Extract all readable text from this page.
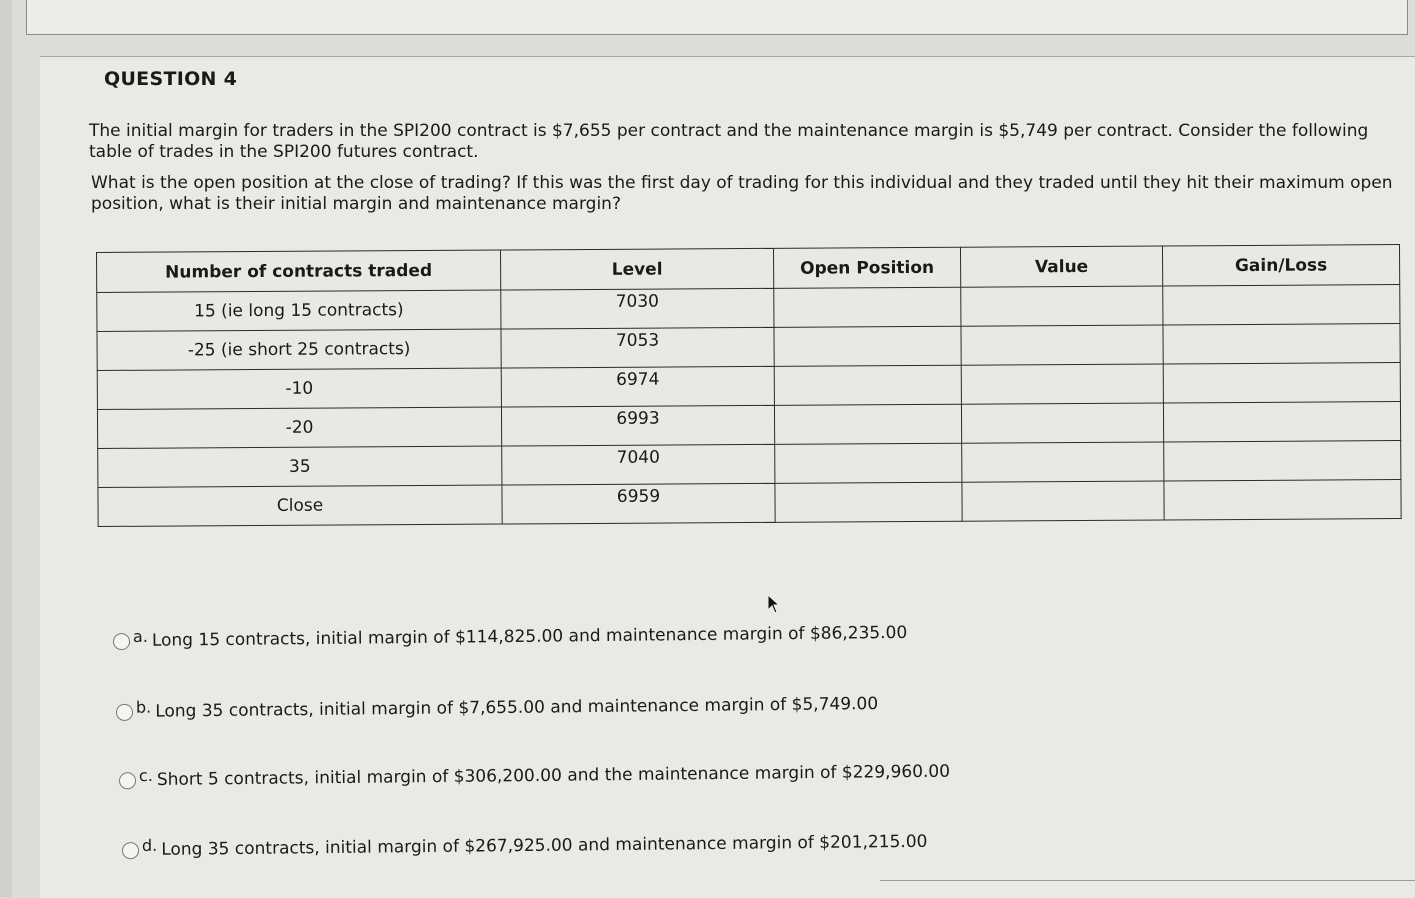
QUESTION 4
The initial margin for traders in the SPI200 contract is $7,655 per contract and the maintenance margin is $5,749 per contract. Consider the following table of trades in the SPI200 futures contract.
What is the open position at the close of trading? If this was the first day of trading for this individual and they traded until they hit their maximum open position, what is their initial margin and maintenance margin?
Number of contracts traded	Level	Open Position	Value	Gain/Loss
15 (ie long 15 contracts)	7030			
-25 (ie short 25 contracts)	7053			
-10	6974			
-20	6993			
35	7040			
Close	6959			
a. Long 15 contracts, initial margin of $114,825.00 and maintenance margin of $86,235.00
b. Long 35 contracts, initial margin of $7,655.00 and maintenance margin of $5,749.00
c. Short 5 contracts, initial margin of $306,200.00 and the maintenance margin of $229,960.00
d. Long 35 contracts, initial margin of $267,925.00 and maintenance margin of $201,215.00
